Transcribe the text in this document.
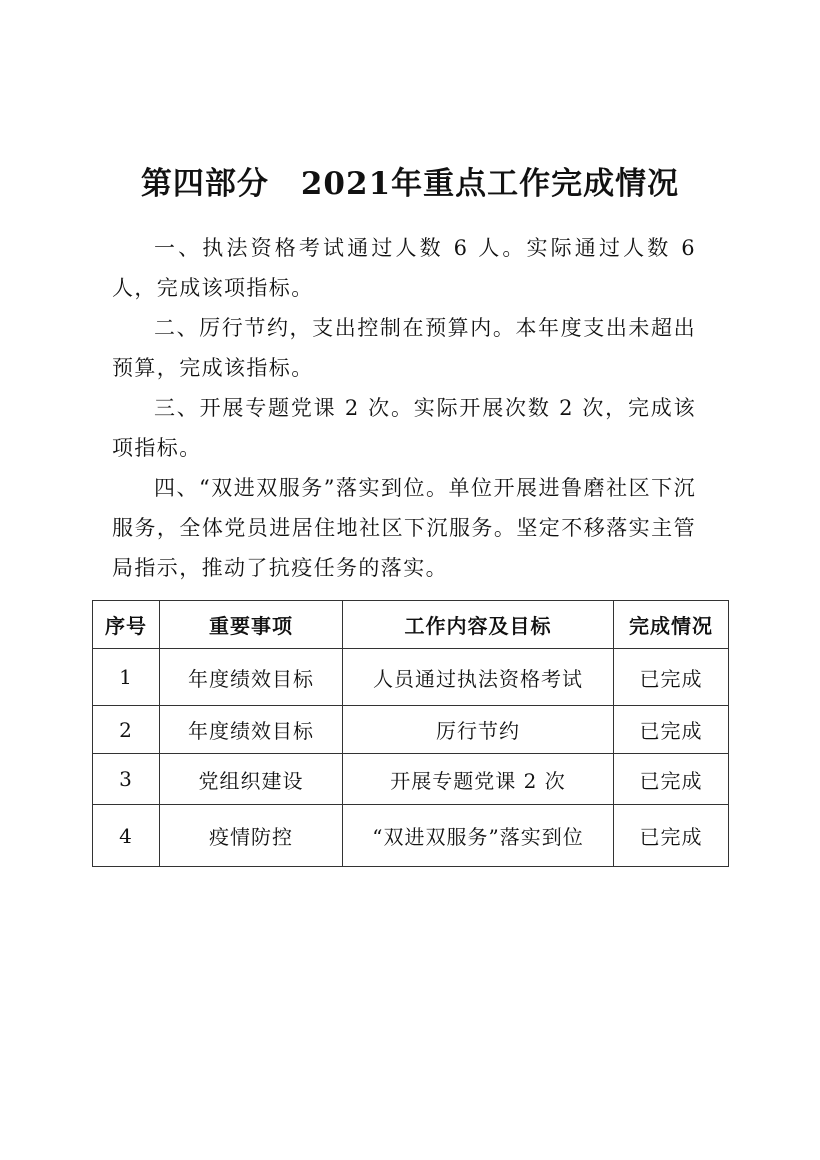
第四部分　2021年重点工作完成情况

一、执法资格考试通过人数 6 人。实际通过人数 6 人，完成该项指标。

二、厉行节约，支出控制在预算内。本年度支出未超出预算，完成该指标。

三、开展专题党课 2 次。实际开展次数 2 次，完成该项指标。

四、“双进双服务”落实到位。单位开展进鲁磨社区下沉服务，全体党员进居住地社区下沉服务。坚定不移落实主管局指示，推动了抗疫任务的落实。

序号	重要事项	工作内容及目标	完成情况
1	年度绩效目标	人员通过执法资格考试	已完成
2	年度绩效目标	厉行节约	已完成
3	党组织建设	开展专题党课 2 次	已完成
4	疫情防控	“双进双服务”落实到位	已完成
